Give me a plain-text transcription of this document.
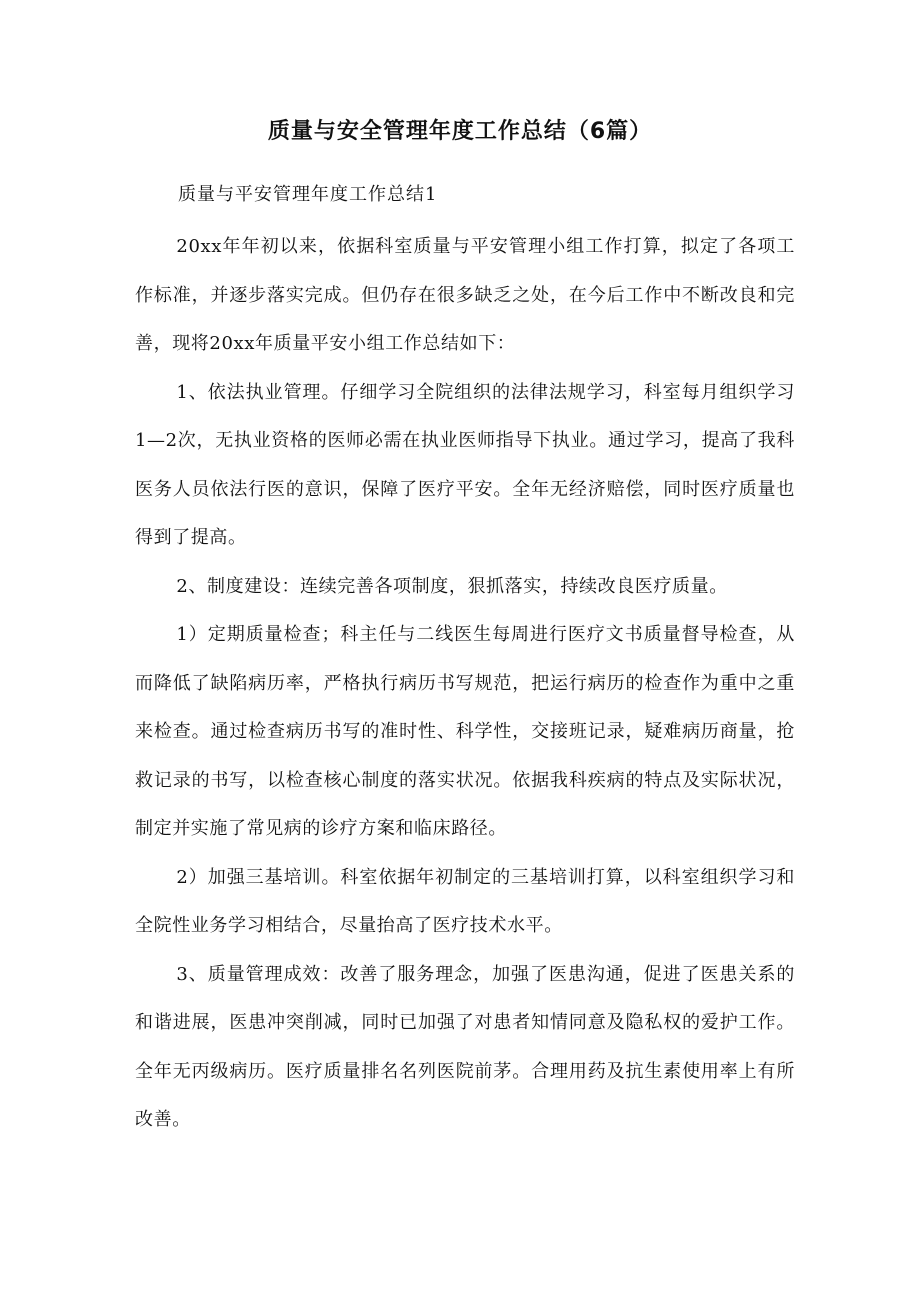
质量与安全管理年度工作总结（6篇）
质量与平安管理年度工作总结1

20xx年年初以来，依据科室质量与平安管理小组工作打算，拟定了各项工作标准，并逐步落实完成。但仍存在很多缺乏之处，在今后工作中不断改良和完善，现将20xx年质量平安小组工作总结如下：

1、依法执业管理。仔细学习全院组织的法律法规学习，科室每月组织学习1—2次，无执业资格的医师必需在执业医师指导下执业。通过学习，提高了我科医务人员依法行医的意识，保障了医疗平安。全年无经济赔偿，同时医疗质量也得到了提高。

2、制度建设：连续完善各项制度，狠抓落实，持续改良医疗质量。

1）定期质量检查；科主任与二线医生每周进行医疗文书质量督导检查，从而降低了缺陷病历率，严格执行病历书写规范，把运行病历的检查作为重中之重来检查。通过检查病历书写的准时性、科学性，交接班记录，疑难病历商量，抢救记录的书写，以检查核心制度的落实状况。依据我科疾病的特点及实际状况，制定并实施了常见病的诊疗方案和临床路径。

2）加强三基培训。科室依据年初制定的三基培训打算，以科室组织学习和全院性业务学习相结合，尽量抬高了医疗技术水平。

3、质量管理成效：改善了服务理念，加强了医患沟通，促进了医患关系的和谐进展，医患冲突削减，同时已加强了对患者知情同意及隐私权的爱护工作。全年无丙级病历。医疗质量排名名列医院前茅。合理用药及抗生素使用率上有所改善。
